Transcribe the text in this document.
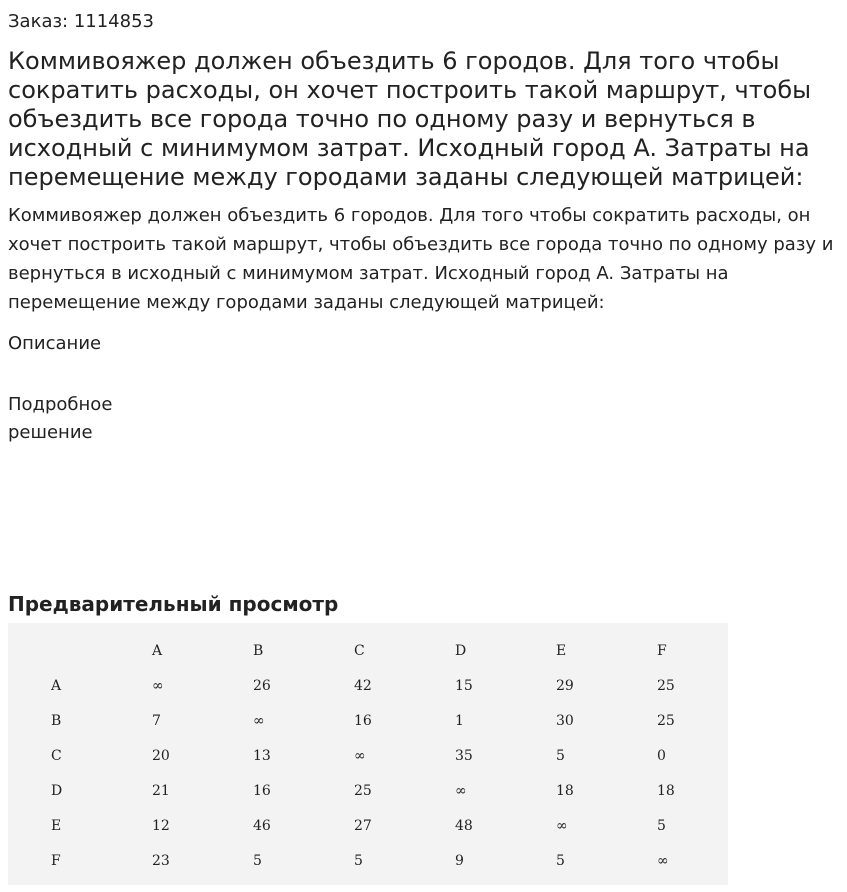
Заказ: 1114853
Коммивояжер должен объездить 6 городов. Для того чтобы сократить расходы, он хочет построить такой маршрут, чтобы объездить все города точно по одному разу и вернуться в исходный с минимумом затрат. Исходный город A. Затраты на перемещение между городами заданы следующей матрицей:

Коммивояжер должен объездить 6 городов. Для того чтобы сократить расходы, он хочет построить такой маршрут, чтобы объездить все города точно по одному разу и вернуться в исходный с минимумом затрат. Исходный город A. Затраты на перемещение между городами заданы следующей матрицей:

Описание
Подробное решение
Предварительный просмотр
	A	B	C	D	E	F
A	∞	26	42	15	29	25
B	7	∞	16	1	30	25
C	20	13	∞	35	5	0
D	21	16	25	∞	18	18
E	12	46	27	48	∞	5
F	23	5	5	9	5	∞
